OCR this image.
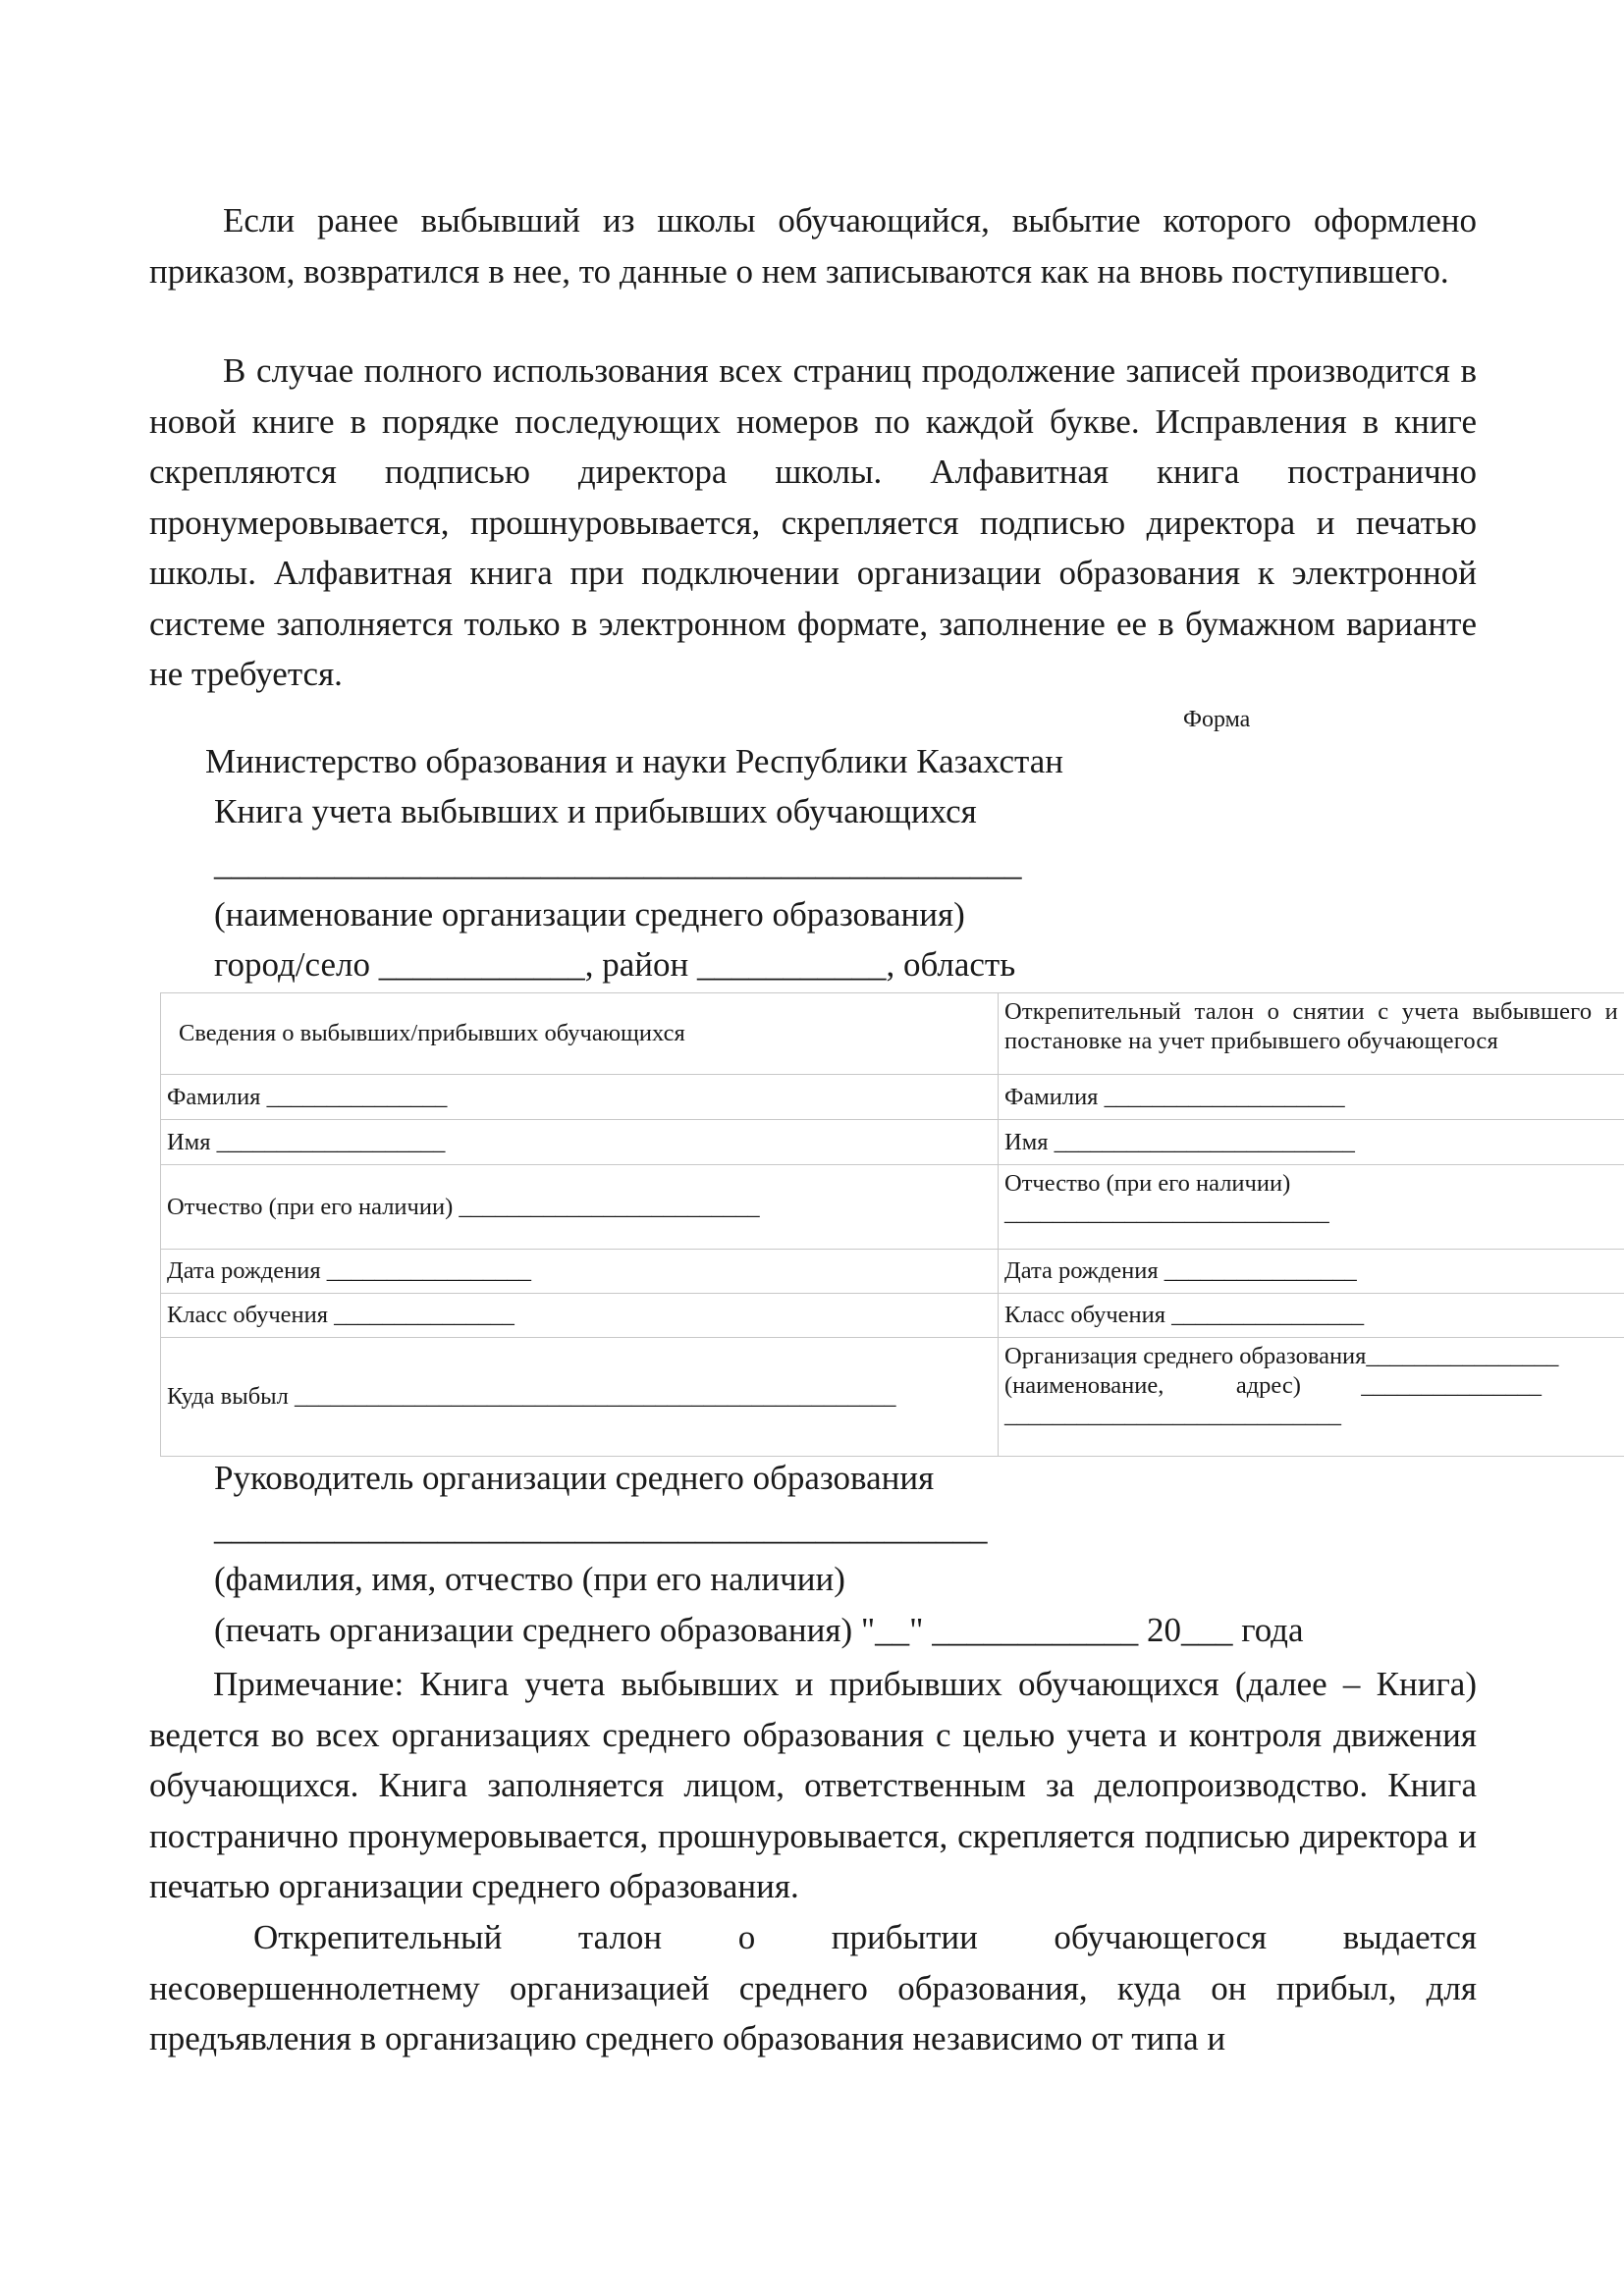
Если ранее выбывший из школы обучающийся, выбытие которого оформлено приказом, возвратился в нее, то данные о нем записываются как на вновь поступившего.

В случае полного использования всех страниц продолжение записей производится в новой книге в порядке последующих номеров по каждой букве. Исправления в книге скрепляются подписью директора школы. Алфавитная книга постранично пронумеровывается, прошнуровывается, скрепляется подписью директора и печатью школы. Алфавитная книга при подключении организации образования к электронной системе заполняется только в электронном формате, заполнение ее в бумажном варианте не требуется.

Форма
Министерство образования и науки Республики Казахстан
Книга учета выбывших и прибывших обучающихся
_______________________________________________
(наименование организации среднего образования)
город/село ____________, район ___________, область
Сведения о выбывших/прибывших обучающихся	Открепительный талон о снятии с учета выбывшего и постановке на учет прибывшего обучающегося
Фамилия _______________	Фамилия ____________________
Имя ___________________	Имя _________________________
Отчество (при его наличии) _________________________	Отчество (при его наличии)
___________________________
Дата рождения _________________	Дата рождения ________________
Класс обучения _______________	Класс обучения ________________
Куда выбыл __________________________________________________	Организация среднего образования________________
(наименование,            адрес)          _______________
____________________________
Руководитель организации среднего образования
_____________________________________________
(фамилия, имя, отчество (при его наличии)
(печать организации среднего образования) "__" ____________ 20___ года

Примечание: Книга учета выбывших и прибывших обучающихся (далее – Книга) ведется во всех организациях среднего образования с целью учета и контроля движения обучающихся. Книга заполняется лицом, ответственным за делопроизводство. Книга постранично пронумеровывается, прошнуровывается, скрепляется подписью директора и печатью организации среднего образования.

Открепительный талон о прибытии обучающегося выдается несовершеннолетнему организацией среднего образования, куда он прибыл, для предъявления в организацию среднего образования независимо от типа и
